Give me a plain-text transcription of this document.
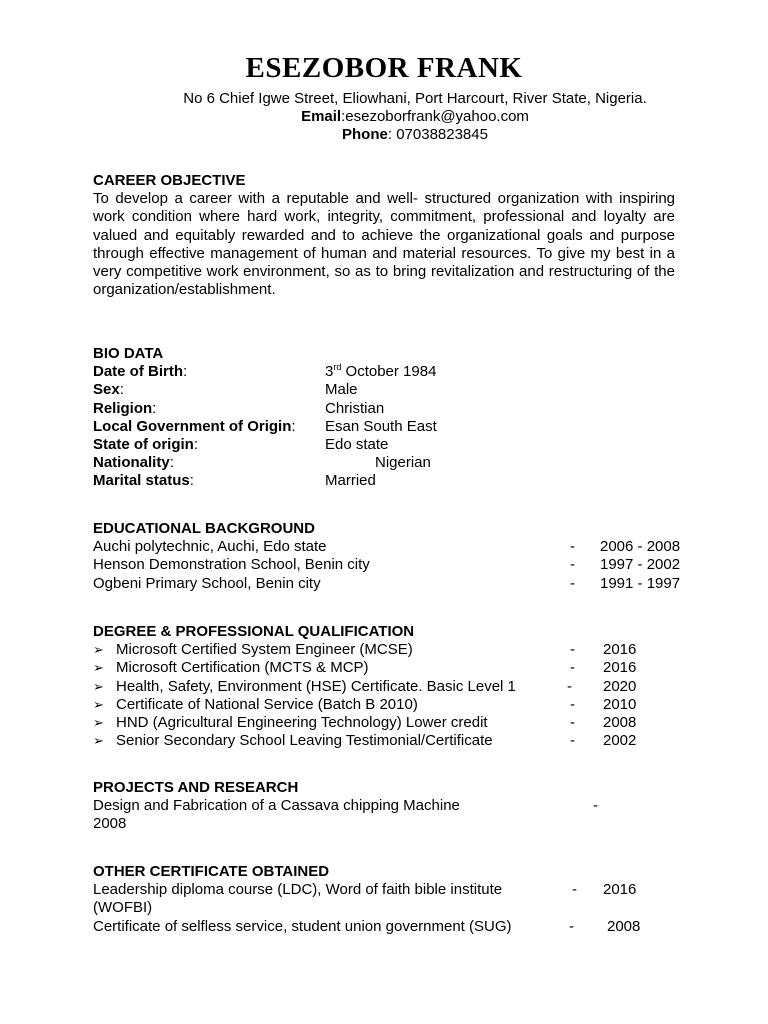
ESEZOBOR FRANK
No 6 Chief Igwe Street, Eliowhani, Port Harcourt, River State, Nigeria.
Email:esezoborfrank@yahoo.com
Phone: 07038823845
CAREER OBJECTIVE
To develop a career with a reputable and well- structured organization with inspiring work condition where hard work, integrity, commitment, professional and loyalty are valued and equitably rewarded and to achieve the organizational goals and purpose through effective management of human and material resources. To give my best in a very competitive work environment, so as to bring revitalization and restructuring of the organization/establishment.
BIO DATA
Date of Birth:	3rd October 1984
Sex:	Male
Religion:	Christian
Local Government of Origin: Esan South East
State of origin:	Edo state
Nationality:	Nigerian
Marital status:	Married
EDUCATIONAL BACKGROUND
Auchi polytechnic, Auchi, Edo state	- 2006 - 2008
Henson Demonstration School, Benin city	- 1997 - 2002
Ogbeni Primary School, Benin city	- 1991 - 1997
DEGREE & PROFESSIONAL QUALIFICATION
➢ Microsoft Certified System Engineer (MCSE)	- 2016
➢ Microsoft Certification (MCTS & MCP)	- 2016
➢ Health, Safety, Environment (HSE) Certificate. Basic Level 1	- 2020
➢ Certificate of National Service (Batch B 2010)	- 2010
➢ HND (Agricultural Engineering Technology) Lower credit	- 2008
➢ Senior Secondary School Leaving Testimonial/Certificate	- 2002
PROJECTS AND RESEARCH
Design and Fabrication of a Cassava chipping Machine	-
2008
OTHER CERTIFICATE OBTAINED
Leadership diploma course (LDC), Word of faith bible institute	- 2016
(WOFBI)
Certificate of selfless service, student union government (SUG)	- 2008
